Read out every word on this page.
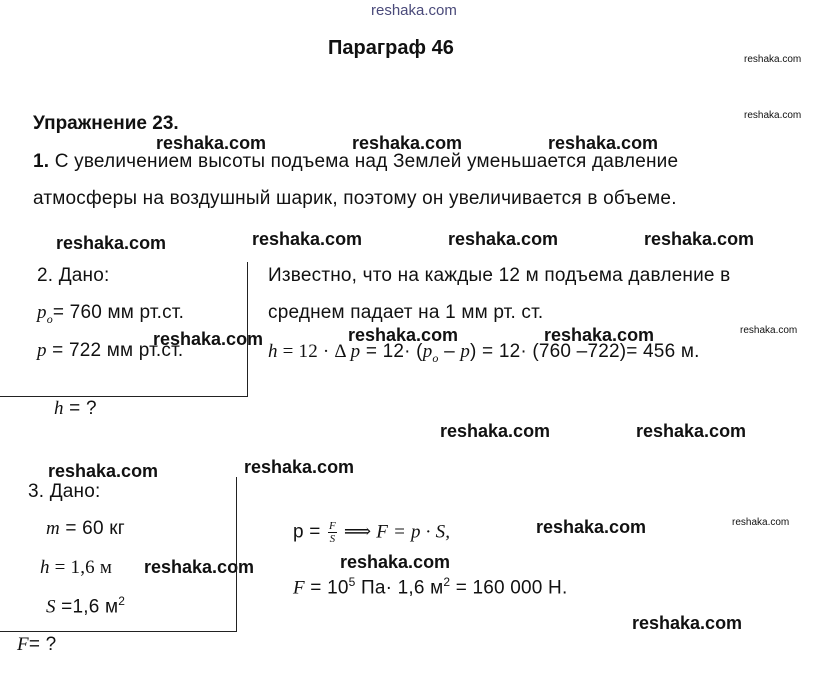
reshaka.com
Параграф 46
reshaka.com
reshaka.com
reshaka.com
reshaka.com
Упражнение 23.
reshaka.com	reshaka.com	reshaka.com
1. С увеличением высоты подъема над Землей уменьшается давление
атмосферы на воздушный шарик, поэтому он увеличивается в объеме.
reshaka.com	reshaka.com	reshaka.com	reshaka.com
2. Дано:
$p_o= 760$ мм рт.ст.
p = 722 мм рт.ст.
reshaka.com
h = ?
Известно, что на каждые 12 м подъема давление в
среднем падает на 1 мм рт. ст.
reshaka.com	reshaka.com
h = 12 · Δ $p = 12\cdot (p_o - p) = 12\cdot (760$ –722)= 456 м.
reshaka.com	reshaka.com
reshaka.com	reshaka.com
3. Дано:
m = 60 кг
h = 1,6 м reshaka.com
S =1,6 $м^2$
F= ?
$p = \frac{F}{S}$ ⟹ F = p · S,	reshaka.com
reshaka.com
$F = 10^5$ Па· 1,6 $м^2 = 160$ 000 Н.
reshaka.com
